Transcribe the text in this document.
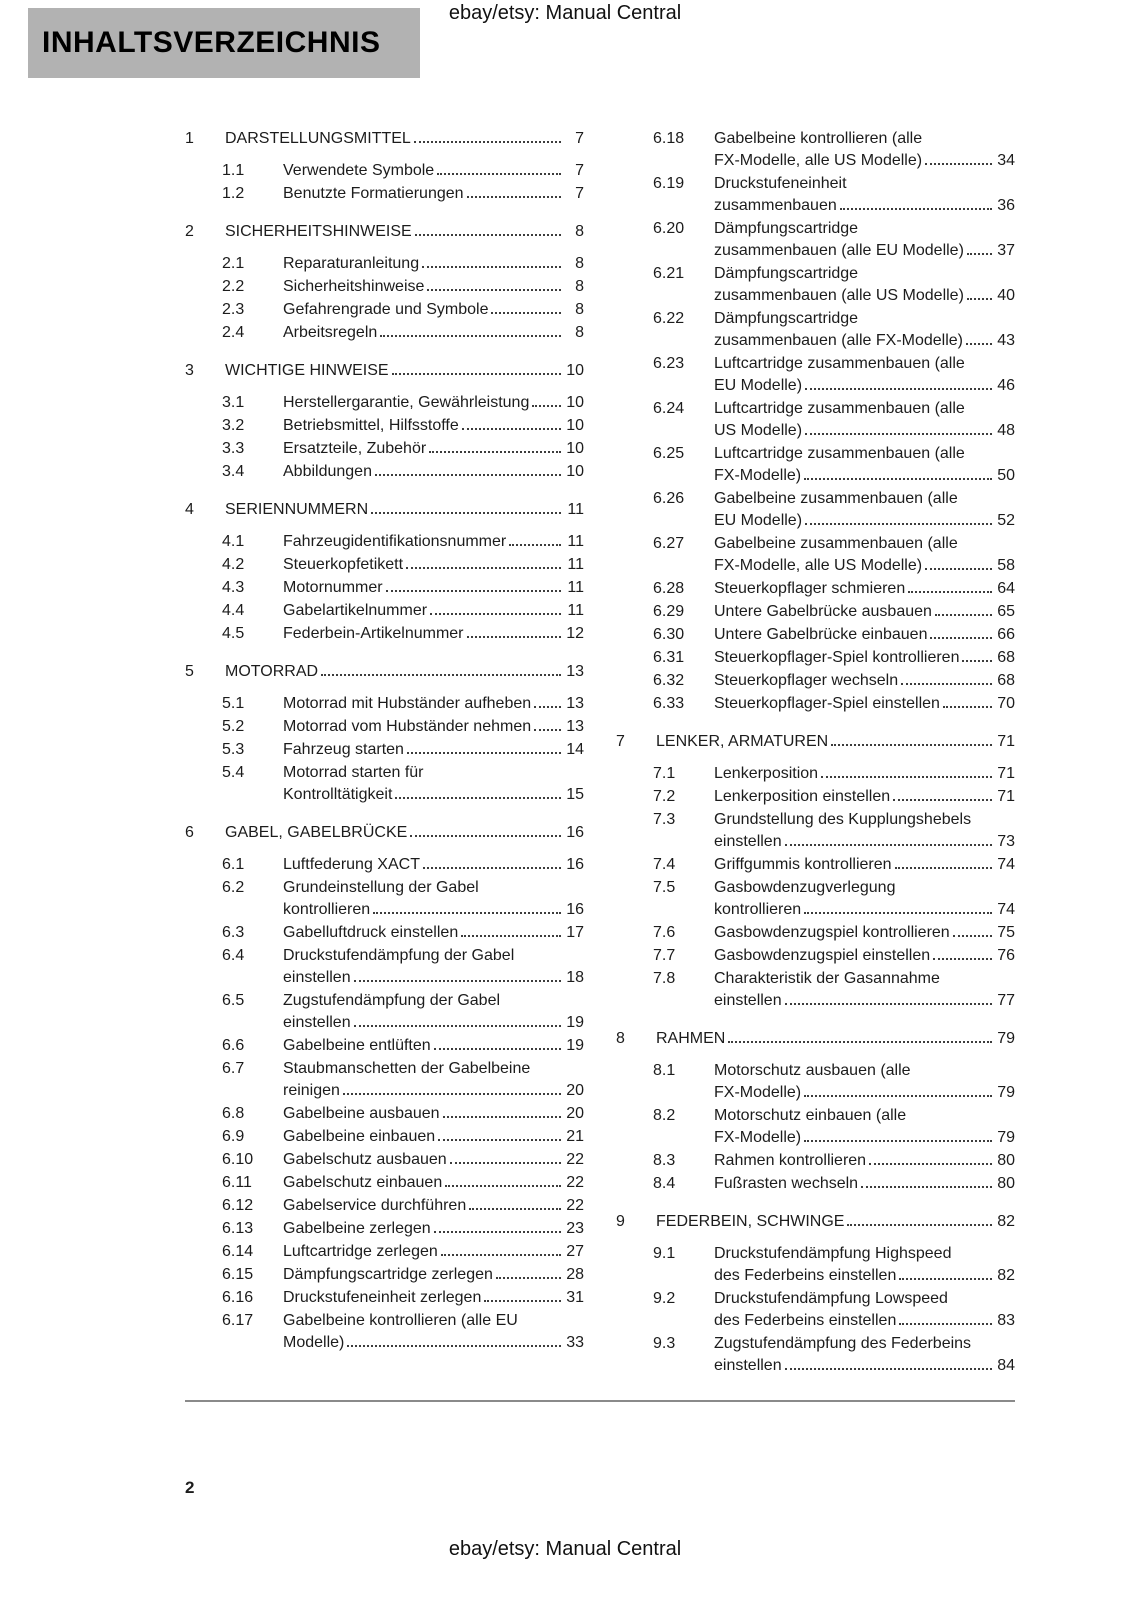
ebay/etsy: Manual Central
INHALTSVERZEICHNIS
1	DARSTELLUNGSMITTEL	7
1.1	Verwendete Symbole	7
1.2	Benutzte Formatierungen	7
2	SICHERHEITSHINWEISE	8
2.1	Reparaturanleitung	8
2.2	Sicherheitshinweise	8
2.3	Gefahrengrade und Symbole	8
2.4	Arbeitsregeln	8
3	WICHTIGE HINWEISE	10
3.1	Herstellergarantie, Gewährleistung 10
3.2	Betriebsmittel, Hilfsstoffe	10
3.3	Ersatzteile, Zubehör	10
3.4	Abbildungen	10
4	SERIENNUMMERN	11
4.1	Fahrzeugidentifikationsnummer	11
4.2	Steuerkopfetikett	11
4.3	Motornummer	11
4.4	Gabelartikelnummer	11
4.5	Federbein-Artikelnummer	12
5	MOTORRAD	13
5.1	Motorrad mit Hubständer aufheben 13
5.2	Motorrad vom Hubständer nehmen 13
5.3	Fahrzeug starten	14
5.4	Motorrad starten für
Kontrolltätigkeit	15
6	GABEL, GABELBRÜCKE	16
6.1	Luftfederung XACT	16
6.2	Grundeinstellung der Gabel
kontrollieren	16
6.3	Gabelluftdruck einstellen	17
6.4	Druckstufendämpfung der Gabel
einstellen	18
6.5	Zugstufendämpfung der Gabel
einstellen	19
6.6	Gabelbeine entlüften	19
6.7	Staubmanschetten der Gabelbeine
reinigen	20
6.8	Gabelbeine ausbauen	20
6.9	Gabelbeine einbauen	21
6.10	Gabelschutz ausbauen	22
6.11	Gabelschutz einbauen	22
6.12	Gabelservice durchführen	22
6.13	Gabelbeine zerlegen	23
6.14	Luftcartridge zerlegen	27
6.15	Dämpfungscartridge zerlegen	28
6.16	Druckstufeneinheit zerlegen	31
6.17	Gabelbeine kontrollieren (alle EU
Modelle)	33
6.18	Gabelbeine kontrollieren (alle
FX-Modelle, alle US Modelle)	34
6.19	Druckstufeneinheit
zusammenbauen	36
6.20	Dämpfungscartridge
zusammenbauen (alle EU Modelle) 37
6.21	Dämpfungscartridge
zusammenbauen (alle US Modelle) 40
6.22	Dämpfungscartridge
zusammenbauen (alle FX-Modelle) 43
6.23	Luftcartridge zusammenbauen (alle
EU Modelle)	46
6.24	Luftcartridge zusammenbauen (alle
US Modelle)	48
6.25	Luftcartridge zusammenbauen (alle
FX-Modelle)	50
6.26	Gabelbeine zusammenbauen (alle
EU Modelle)	52
6.27	Gabelbeine zusammenbauen (alle
FX-Modelle, alle US Modelle)	58
6.28	Steuerkopflager schmieren	64
6.29	Untere Gabelbrücke ausbauen	65
6.30	Untere Gabelbrücke einbauen	66
6.31	Steuerkopflager-Spiel kontrollieren 68
6.32	Steuerkopflager wechseln	68
6.33	Steuerkopflager-Spiel einstellen	70
7	LENKER, ARMATUREN	71
7.1	Lenkerposition	71
7.2	Lenkerposition einstellen	71
7.3	Grundstellung des Kupplungshebels
einstellen	73
7.4	Griffgummis kontrollieren	74
7.5	Gasbowdenzugverlegung
kontrollieren	74
7.6	Gasbowdenzugspiel kontrollieren	75
7.7	Gasbowdenzugspiel einstellen	76
7.8	Charakteristik der Gasannahme
einstellen	77
8	RAHMEN	79
8.1	Motorschutz ausbauen (alle
FX-Modelle)	79
8.2	Motorschutz einbauen (alle
FX-Modelle)	79
8.3	Rahmen kontrollieren	80
8.4	Fußrasten wechseln	80
9	FEDERBEIN, SCHWINGE	82
9.1	Druckstufendämpfung Highspeed
des Federbeins einstellen	82
9.2	Druckstufendämpfung Lowspeed
des Federbeins einstellen	83
9.3	Zugstufendämpfung des Federbeins
einstellen	84
2
ebay/etsy: Manual Central
